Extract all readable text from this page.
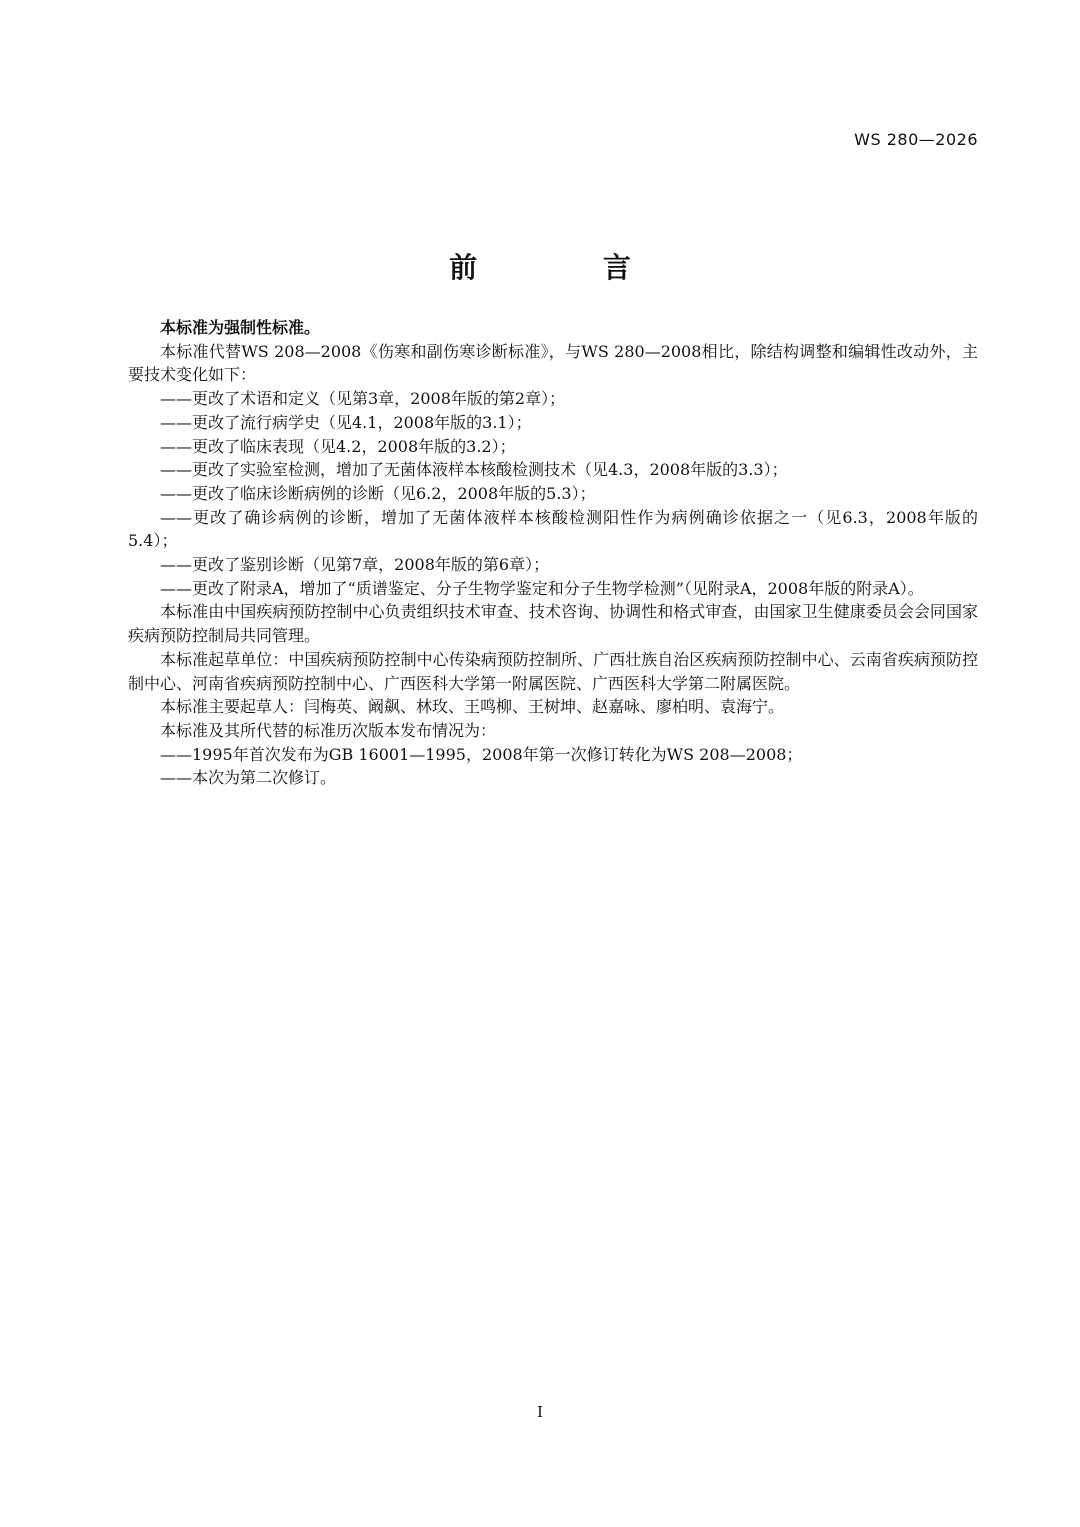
WS 280—2026
前 言

本标准为强制性标准。

本标准代替WS 208—2008《伤寒和副伤寒诊断标准》，与WS 280—2008相比，除结构调整和编辑性改动外，主要技术变化如下：

——更改了术语和定义（见第3章，2008年版的第2章）；

——更改了流行病学史（见4.1，2008年版的3.1）；

——更改了临床表现（见4.2，2008年版的3.2）；

——更改了实验室检测，增加了无菌体液样本核酸检测技术（见4.3，2008年版的3.3）；

——更改了临床诊断病例的诊断（见6.2，2008年版的5.3）；

——更改了确诊病例的诊断，增加了无菌体液样本核酸检测阳性作为病例确诊依据之一（见6.3，2008年版的5.4）；

——更改了鉴别诊断（见第7章，2008年版的第6章）；

——更改了附录A，增加了“质谱鉴定、分子生物学鉴定和分子生物学检测”（见附录A，2008年版的附录A）。

本标准由中国疾病预防控制中心负责组织技术审查、技术咨询、协调性和格式审查，由国家卫生健康委员会会同国家疾病预防控制局共同管理。

本标准起草单位：中国疾病预防控制中心传染病预防控制所、广西壮族自治区疾病预防控制中心、云南省疾病预防控制中心、河南省疾病预防控制中心、广西医科大学第一附属医院、广西医科大学第二附属医院。

本标准主要起草人：闫梅英、阚飙、林玫、王鸣柳、王树坤、赵嘉咏、廖柏明、袁海宁。

本标准及其所代替的标准历次版本发布情况为：

——1995年首次发布为GB 16001—1995，2008年第一次修订转化为WS 208—2008；

——本次为第二次修订。

I
